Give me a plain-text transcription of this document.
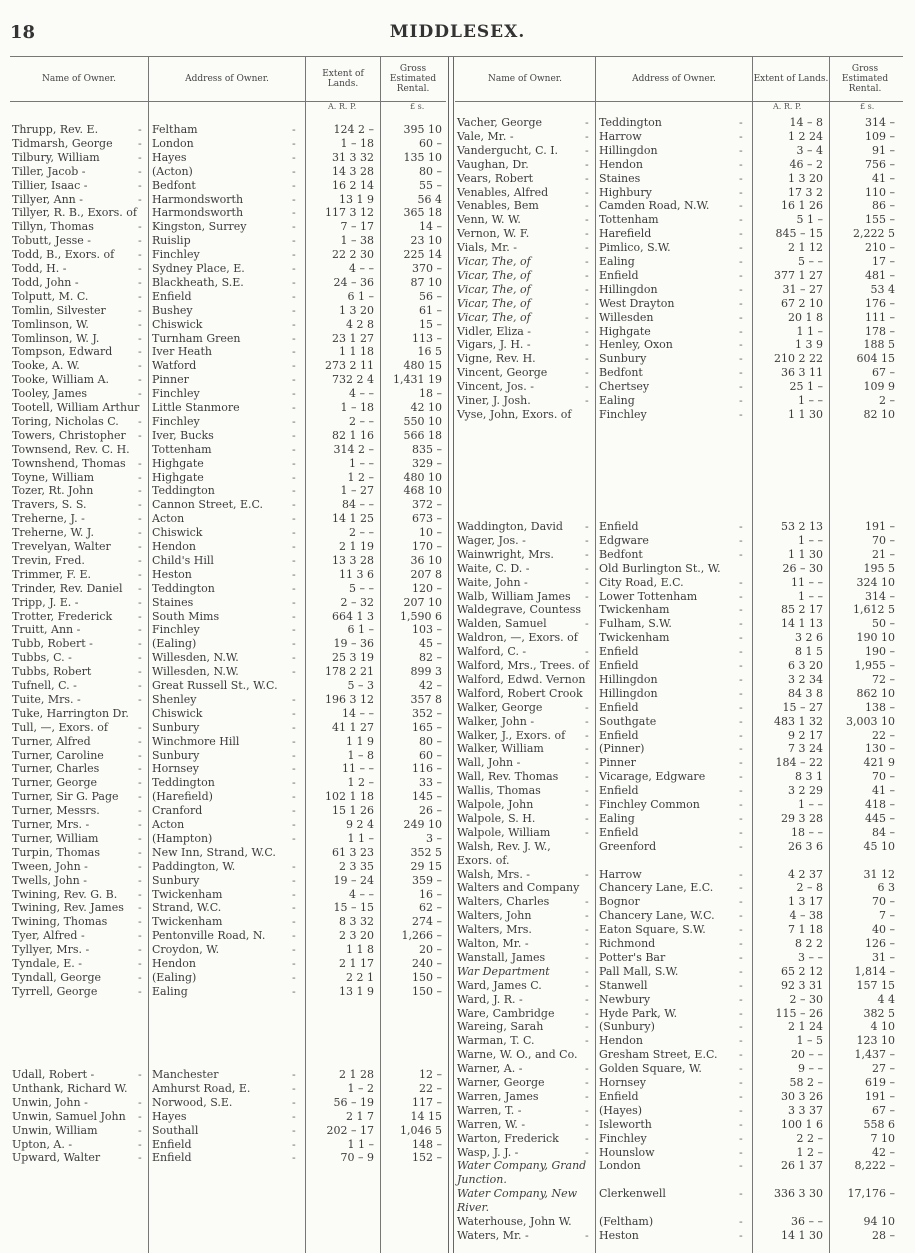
18	MIDDLESEX.
Name of Owner.	Address of Owner.	Extent of Lands.
Gross Estimated Rental.
A. R. P.	£ s.
Thrupp, Rev. E.	- Feltham	-	124 2 –	395 10
Tidmarsh, George - London	-	1 – 18	60 –
Tilbury, William	- Hayes	-	31 3 32	135 10
Tiller, Jacob -	- (Acton)	-	14 3 28	80 –
Tillier, Isaac -	- Bedfont	-	16 2 14	55 –
Tillyer, Ann -	- Harmondsworth	-	13 1 9	56 4
Tillyer, R. B., Exors. of Harmondsworth	-	117 3 12	365 18
Tillyn, Thomas	- Kingston, Surrey	-	7 – 17	14 –
Tobutt, Jesse -	- Ruislip	-	1 – 38	23 10
Todd, B., Exors. of - Finchley	-	22 2 30	225 14
Todd, H. -	- Sydney Place, E.	-	4 – –	370 –
Todd, John -	- Blackheath, S.E.	-	24 – 36	87 10
Tolputt, M. C.	- Enfield	-	6 1 –	56 –
Tomlin, Silvester	- Bushey	-	1 3 20	61 –
Tomlinson, W.	- Chiswick	-	4 2 8	15 –
Tomlinson, W. J.	- Turnham Green	-	23 1 27	113 –
Tompson, Edward - Iver Heath	-	1 1 18	16 5
Tooke, A. W.	- Watford	-	273 2 11	480 15
Tooke, William A.	- Pinner	-	732 2 4	1,431 19
Tooley, James	- Finchley	-	4 – –	18 –
Tootell, William Arthur Little Stanmore	-	1 – 18	42 10
Toring, Nicholas C. - Finchley	-	2 – –	550 10
Towers, Christopher - Iver, Bucks	-	82 1 16	566 18
Townsend, Rev. C. H. Tottenham	-	314 2 –	835 –
Townshend, Thomas - Highgate	-	1 – –	329 –
Toyne, William	- Highgate	-	1 2 –	480 10
Tozer, Rt. John	- Teddington	-	1 – 27	468 10
Travers, S. S.	- Cannon Street, E.C.	-	84 – –	372 –
Treherne, J. -	- Acton	-	14 1 25	673 –
Treherne, W. J.	- Chiswick	-	2 – –	10 –
Trevelyan, Walter - Hendon	-	2 1 19	170 –
Trevin, Fred.	- Child's Hill	-	13 3 28	36 10
Trimmer, F. E.	- Heston	-	11 3 6	207 8
Trinder, Rev. Daniel - Teddington	-	5 – –	120 –
Tripp, J. E. -	- Staines	-	2 – 32	207 10
Trotter, Frederick - South Mims	-	664 1 3	1,590 6
Truitt, Ann -	- Finchley	-	6 1 –	103 –
Tubb, Robert -	- (Ealing)	-	19 – 36	45 –
Tubbs, C. -	- Willesden, N.W.	-	25 3 19	82 –
Tubbs, Robert	- Willesden, N.W.	-	178 2 21	899 3
Tufnell, C. -	- Great Russell St., W.C.	5 – 3	42 –
Tuite, Mrs. -	- Shenley	-	196 3 12	357 8
Tuke, Harrington Dr. Chiswick	-	14 – –	352 –
Tull, —, Exors. of	- Sunbury	-	41 1 27	165 –
Turner, Alfred	- Winchmore Hill	-	1 1 9	80 –
Turner, Caroline	- Sunbury	-	1 – 8	60 –
Turner, Charles	- Hornsey	-	11 – –	116 –
Turner, George	- Teddington	-	1 2 –	33 –
Turner, Sir G. Page - (Harefield)	-	102 1 18	145 –
Turner, Messrs.	- Cranford	-	15 1 26	26 –
Turner, Mrs. -	- Acton	-	9 2 4	249 10
Turner, William	- (Hampton)	-	1 1 –	3 –
Turpin, Thomas	- New Inn, Strand, W.C.	61 3 23	352 5
Tween, John -	- Paddington, W.	-	2 3 35	29 15
Twells, John -	- Sunbury	-	19 – 24	359 –
Twining, Rev. G. B. - Twickenham	-	4 – –	16 –
Twining, Rev. James - Strand, W.C.	-	15 – 15	62 –
Twining, Thomas	- Twickenham	-	8 3 32	274 –
Tyer, Alfred -	- Pentonville Road, N. -	2 3 20	1,266 –
Tyllyer, Mrs. -	- Croydon, W.	-	1 1 8	20 –
Tyndale, E. -	- Hendon	-	2 1 17	240 –
Tyndall, George	- (Ealing)	-	2 2 1	150 –
Tyrrell, George	- Ealing	-	13 1 9	150 –
Udall, Robert -	- Manchester	-	2 1 28	12 –
Unthank, Richard W. Amhurst Road, E.	-	1 – 2	22 –
Unwin, John -	- Norwood, S.E.	-	56 – 19	117 –
Unwin, Samuel John - Hayes	-	2 1 7	14 15
Unwin, William	- Southall	-	202 – 17	1,046 5
Upton, A. -	- Enfield	-	1 1 –	148 –
Upward, Walter	- Enfield	-	70 – 9	152 –
Name of Owner.	Address of Owner.	Extent of Lands.
Gross Estimated Rental.
A. R. P.	£ s.
Vacher, George	- Teddington	-	14 – 8	314 –
Vale, Mr. -	- Harrow	-	1 2 24	109 –
Vandergucht, C. I. - Hillingdon	-	3 – 4	91 –
Vaughan, Dr.	- Hendon	-	46 – 2	756 –
Vears, Robert	- Staines	-	1 3 20	41 –
Venables, Alfred	- Highbury	-	17 3 2	110 –
Venables, Bem	- Camden Road, N.W.	-	16 1 26	86 –
Venn, W. W.	- Tottenham	-	5 1 –	155 –
Vernon, W. F.	- Harefield	-	845 – 15	2,222 5
Vials, Mr. -	- Pimlico, S.W.	-	2 1 12	210 –
Vicar, The, of	- Ealing	-	5 – –	17 –
Vicar, The, of	- Enfield	-	377 1 27	481 –
Vicar, The, of	- Hillingdon	-	31 – 27	53 4
Vicar, The, of	- West Drayton	-	67 2 10	176 –
Vicar, The, of	- Willesden	-	20 1 8	111 –
Vidler, Eliza -	- Highgate	-	1 1 –	178 –
Vigars, J. H. -	- Henley, Oxon	-	1 3 9	188 5
Vigne, Rev. H.	- Sunbury	-	210 2 22	604 15
Vincent, George	- Bedfont	-	36 3 11	67 –
Vincent, Jos. -	- Chertsey	-	25 1 –	109 9
Viner, J. Josh.	- Ealing	-	1 – –	2 –
Vyse, John, Exors. of Finchley	-	1 1 30	82 10
Waddington, David - Enfield	-	53 2 13	191 –
Wager, Jos. -	- Edgware	-	1 – –	70 –
Wainwright, Mrs.	- Bedfont	-	1 1 30	21 –
Waite, C. D. -	- Old Burlington St., W.	26 – 30	195 5
Waite, John -	- City Road, E.C.	-	11 – –	324 10
Walb, William James - Lower Tottenham	-	1 – –	314 –
Waldegrave, Countess Twickenham	-	85 2 17	1,612 5
Walden, Samuel	- Fulham, S.W.	-	14 1 13	50 –
Waldron, —, Exors. of Twickenham	-	3 2 6	190 10
Walford, C. -	- Enfield	-	8 1 5	190 –
Walford, Mrs., Trees. of Enfield	-	6 3 20	1,955 –
Walford, Edwd. Vernon Hillingdon	-	3 2 34	72 –
Walford, Robert Crook Hillingdon	-	84 3 8	862 10
Walker, George	- Enfield	-	15 – 27	138 –
Walker, John -	- Southgate	-	483 1 32	3,003 10
Walker, J., Exors. of - Enfield	-	9 2 17	22 –
Walker, William	- (Pinner)	-	7 3 24	130 –
Wall, John -	- Pinner	-	184 – 22	421 9
Wall, Rev. Thomas - Vicarage, Edgware	-	8 3 1	70 –
Wallis, Thomas	- Enfield	-	3 2 29	41 –
Walpole, John	- Finchley Common	-	1 – –	418 –
Walpole, S. H.	- Ealing	-	29 3 28	445 –
Walpole, William	- Enfield	-	18 – –	84 –
Walsh, Rev. J. W.,	Greenford	-	26 3 6	45 10
Exors. of.
Walsh, Mrs. -	- Harrow	-	4 2 37	31 12
Walters and Company Chancery Lane, E.C. -	2 – 8	6 3
Walters, Charles	- Bognor	-	1 3 17	70 –
Walters, John	- Chancery Lane, W.C. -	4 – 38	7 –
Walters, Mrs.	- Eaton Square, S.W.	-	7 1 18	40 –
Walton, Mr. -	- Richmond	-	8 2 2	126 –
Wanstall, James	- Potter's Bar	-	3 – –	31 –
War Department	- Pall Mall, S.W.	-	65 2 12	1,814 –
Ward, James C.	- Stanwell	-	92 3 31	157 15
Ward, J. R. -	- Newbury	-	2 – 30	4 4
Ware, Cambridge	- Hyde Park, W.	-	115 – 26	382 5
Wareing, Sarah	- (Sunbury)	-	2 1 24	4 10
Warman, T. C.	- Hendon	-	1 – 5	123 10
Warne, W. O., and Co. Gresham Street, E.C. -	20 – –	1,437 –
Warner, A. -	- Golden Square, W.	-	9 – –	27 –
Warner, George	- Hornsey	-	58 2 –	619 –
Warren, James	- Enfield	-	30 3 26	191 –
Warren, T. -	- (Hayes)	-	3 3 37	67 –
Warren, W. -	- Isleworth	-	100 1 6	558 6
Warton, Frederick - Finchley	-	2 2 –	7 10
Wasp, J. J. -	- Hounslow	-	1 2 –	42 –
Water Company, Grand London	-	26 1 37	8,222 –
Junction.
Water Company, New Clerkenwell	-	336 3 30	17,176 –
River.
Waterhouse, John W. (Feltham)	-	36 – –	94 10
Waters, Mr. -	- Heston	-	14 1 30	28 –
